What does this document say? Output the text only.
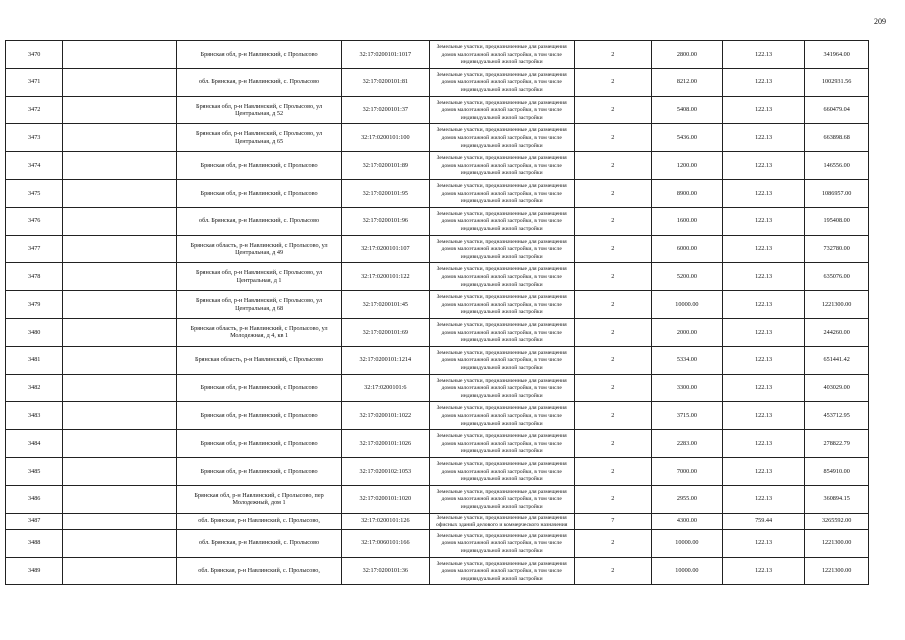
209
3470		Брянская обл, р-н Навлинский, с Пролысово	32:17:0200101:1017	Земельные участки, предназначенные для размещения домов малоэтажной жилой застройки, в том числе индивидуальной жилой застройки	2	2800.00	122.13	341964.00
3471		обл. Брянская, р-н Навлинский, с. Пролысово	32:17:0200101:81	Земельные участки, предназначенные для размещения домов малоэтажной жилой застройки, в том числе индивидуальной жилой застройки	2	8212.00	122.13	1002931.56
3472		Брянская обл, р-н Навлинский, с Пролысово, ул Центральная, д 52	32:17:0200101:37	Земельные участки, предназначенные для размещения домов малоэтажной жилой застройки, в том числе индивидуальной жилой застройки	2	5408.00	122.13	660479.04
3473		Брянская обл, р-н Навлинский, с Пролысово, ул Центральная, д 65	32:17:0200101:100	Земельные участки, предназначенные для размещения домов малоэтажной жилой застройки, в том числе индивидуальной жилой застройки	2	5436.00	122.13	663898.68
3474		Брянская обл, р-н Навлинский, с Пролысово	32:17:0200101:89	Земельные участки, предназначенные для размещения домов малоэтажной жилой застройки, в том числе индивидуальной жилой застройки	2	1200.00	122.13	146556.00
3475		Брянская обл, р-н Навлинский, с Пролысово	32:17:0200101:95	Земельные участки, предназначенные для размещения домов малоэтажной жилой застройки, в том числе индивидуальной жилой застройки	2	8900.00	122.13	1086957.00
3476		обл. Брянская, р-н Навлинский, с. Пролысово	32:17:0200101:96	Земельные участки, предназначенные для размещения домов малоэтажной жилой застройки, в том числе индивидуальной жилой застройки	2	1600.00	122.13	195408.00
3477		Брянская область, р-н Навлинский, с Пролысово, ул Центральная, д 49	32:17:0200101:107	Земельные участки, предназначенные для размещения домов малоэтажной жилой застройки, в том числе индивидуальной жилой застройки	2	6000.00	122.13	732780.00
3478		Брянская обл, р-н Навлинский, с Пролысово, ул Центральная, д 1	32:17:0200101:122	Земельные участки, предназначенные для размещения домов малоэтажной жилой застройки, в том числе индивидуальной жилой застройки	2	5200.00	122.13	635076.00
3479		Брянская обл, р-н Навлинский, с Пролысово, ул Центральная, д 68	32:17:0200101:45	Земельные участки, предназначенные для размещения домов малоэтажной жилой застройки, в том числе индивидуальной жилой застройки	2	10000.00	122.13	1221300.00
3480		Брянская область, р-н Навлинский, с Пролысово, ул Молодежная, д 4, кв 1	32:17:0200101:69	Земельные участки, предназначенные для размещения домов малоэтажной жилой застройки, в том числе индивидуальной жилой застройки	2	2000.00	122.13	244260.00
3481		Брянская область, р-н Навлинский, с Пролысово	32:17:0200101:1214	Земельные участки, предназначенные для размещения домов малоэтажной жилой застройки, в том числе индивидуальной жилой застройки	2	5334.00	122.13	651441.42
3482		Брянская обл, р-н Навлинский, с Пролысово	32:17:0200101:6	Земельные участки, предназначенные для размещения домов малоэтажной жилой застройки, в том числе индивидуальной жилой застройки	2	3300.00	122.13	403029.00
3483		Брянская обл, р-н Навлинский, с Пролысово	32:17:0200101:1022	Земельные участки, предназначенные для размещения домов малоэтажной жилой застройки, в том числе индивидуальной жилой застройки	2	3715.00	122.13	453712.95
3484		Брянская обл, р-н Навлинский, с Пролысово	32:17:0200101:1026	Земельные участки, предназначенные для размещения домов малоэтажной жилой застройки, в том числе индивидуальной жилой застройки	2	2283.00	122.13	278822.79
3485		Брянская обл, р-н Навлинский, с Пролысово	32:17:0200102:1053	Земельные участки, предназначенные для размещения домов малоэтажной жилой застройки, в том числе индивидуальной жилой застройки	2	7000.00	122.13	854910.00
3486		Брянская обл, р-н Навлинский, с Пролысово, пер Молодежный, дом 1	32:17:0200101:1020	Земельные участки, предназначенные для размещения домов малоэтажной жилой застройки, в том числе индивидуальной жилой застройки	2	2955.00	122.13	360894.15
3487		обл. Брянская, р-н Навлинский, с. Пролысово,	32:17:0200101:126	Земельные участки, предназначенные для размещения офисных зданий делового и коммерческого назначения	7	4300.00	759.44	3265592.00
3488		обл. Брянская, р-н Навлинский, с. Пролысово	32:17:0060101:166	Земельные участки, предназначенные для размещения домов малоэтажной жилой застройки, в том числе индивидуальной жилой застройки	2	10000.00	122.13	1221300.00
3489		обл. Брянская, р-н Навлинский, с. Пролысово,	32:17:0200101:36	Земельные участки, предназначенные для размещения домов малоэтажной жилой застройки, в том числе индивидуальной жилой застройки	2	10000.00	122.13	1221300.00
